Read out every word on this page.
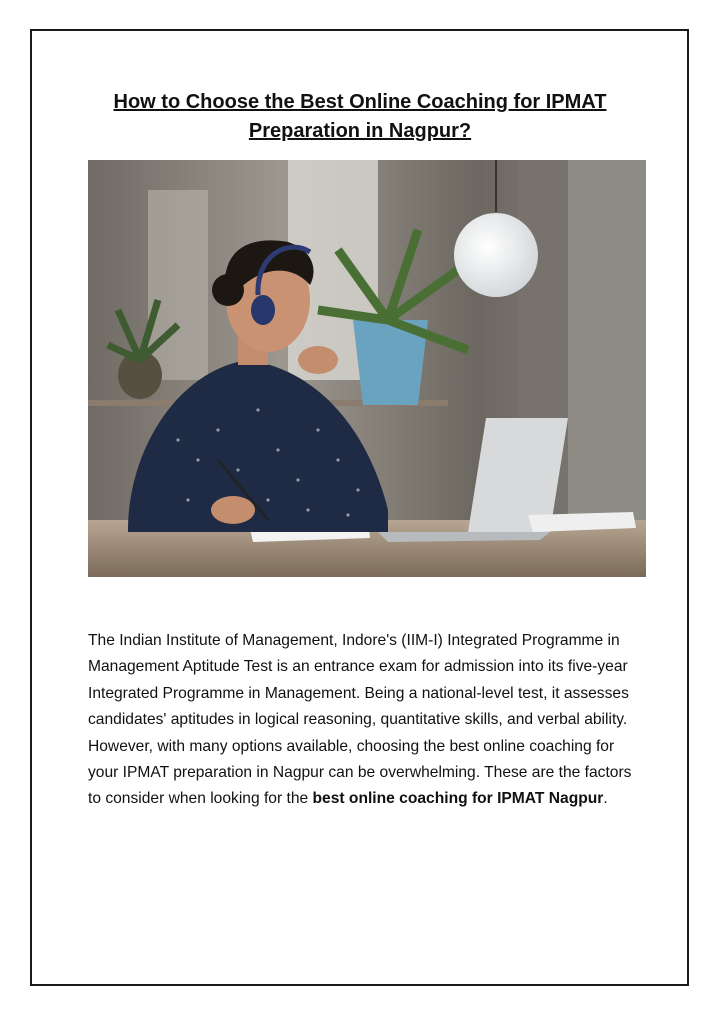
How to Choose the Best Online Coaching for IPMAT
Preparation in Nagpur?
The Indian Institute of Management, Indore's (IIM-I) Integrated Programme in Management Aptitude Test is an entrance exam for admission into its five-year Integrated Programme in Management. Being a national-level test, it assesses candidates' aptitudes in logical reasoning, quantitative skills, and verbal ability. However, with many options available, choosing the best online coaching for your IPMAT preparation in Nagpur can be overwhelming. These are the factors to consider when looking for the best online coaching for IPMAT Nagpur.
